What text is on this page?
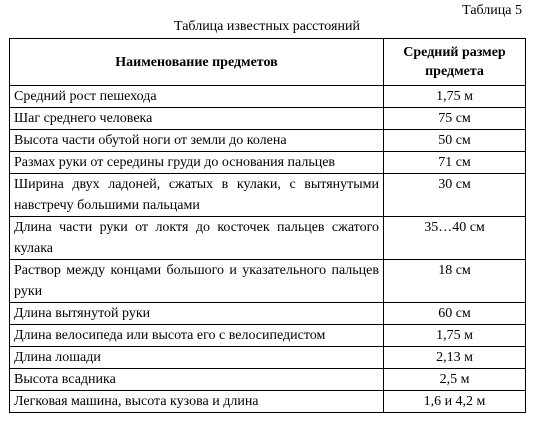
Таблица 5
Таблица известных расстояний
Наименование предметов	Средний размер предмета
Средний рост пешехода	1,75 м
Шаг среднего человека	75 см
Высота части обутой ноги от земли до колена	50 см
Размах руки от середины груди до основания пальцев	71 см
Ширина двух ладоней, сжатых в кулаки, с вытянутыми навстречу большими пальцами	30 см
Длина части руки от локтя до косточек пальцев сжатого кулака	35…40 см
Раствор между концами большого и указательного пальцев руки	18 см
Длина вытянутой руки	60 см
Длина велосипеда или высота его с велосипедистом	1,75 м
Длина лошади	2,13 м
Высота всадника	2,5 м
Легковая машина, высота кузова и длина	1,6 и 4,2 м
